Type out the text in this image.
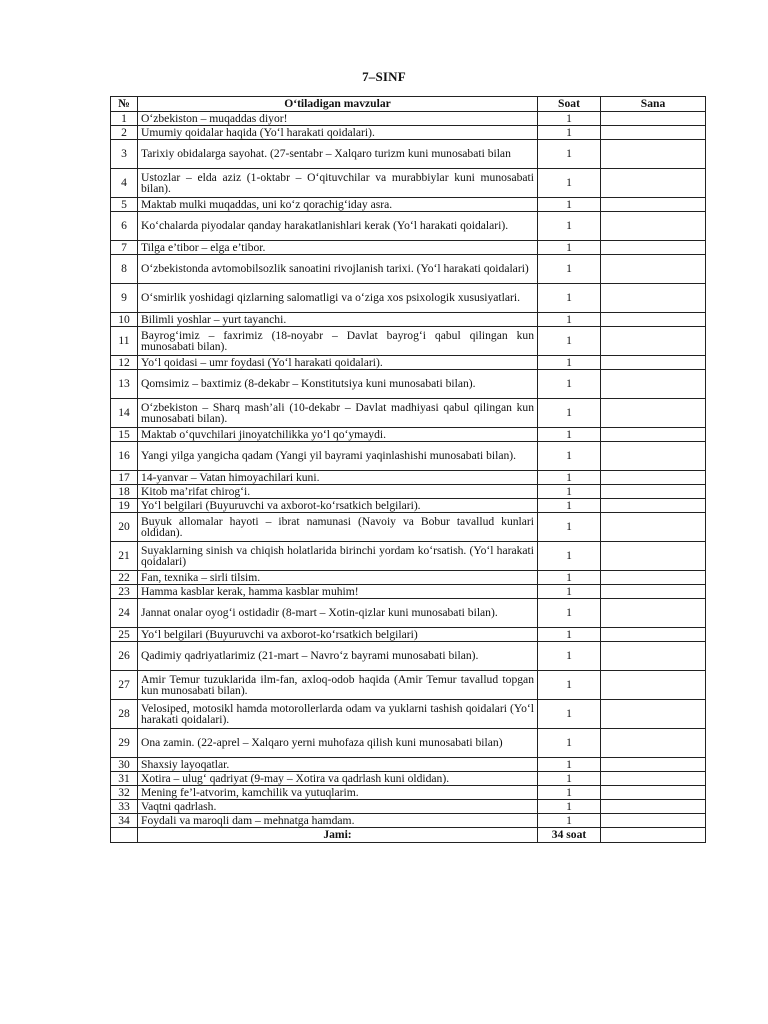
7–SINF
№	O‘tiladigan mavzular	Soat	Sana
1	O‘zbekiston – muqaddas diyor!	1	
2	Umumiy qoidalar haqida (Yo‘l harakati qoidalari).	1	
3	Tarixiy obidalarga sayohat. (27-sentabr – Xalqaro turizm kuni munosabati bilan	1	
4	Ustozlar – elda aziz (1-oktabr – O‘qituvchilar va murabbiylar kuni munosabati bilan).	1	
5	Maktab mulki muqaddas, uni ko‘z qorachig‘iday asra.	1	
6	Ko‘chalarda piyodalar qanday harakatlanishlari kerak (Yo‘l harakati qoidalari).	1	
7	Tilga e’tibor – elga e’tibor.	1	
8	O‘zbekistonda avtomobilsozlik sanoatini rivojlanish tarixi. (Yo‘l harakati qoidalari)	1	
9	O‘smirlik yoshidagi qizlarning salomatligi va o‘ziga xos psixologik xususiyatlari.	1	
10	Bilimli yoshlar – yurt tayanchi.	1	
11	Bayrog‘imiz – faxrimiz (18-noyabr – Davlat bayrog‘i qabul qilingan kun munosabati bilan).	1	
12	Yo‘l qoidasi – umr foydasi (Yo‘l harakati qoidalari).	1	
13	Qomsimiz – baxtimiz (8-dekabr – Konstitutsiya kuni munosabati bilan).	1	
14	O‘zbekiston – Sharq mash’ali (10-dekabr – Davlat madhiyasi qabul qilingan kun munosabati bilan).	1	
15	Maktab o‘quvchilari jinoyatchilikka yo‘l qo‘ymaydi.	1	
16	Yangi yilga yangicha qadam (Yangi yil bayrami yaqinlashishi munosabati bilan).	1	
17	14-yanvar – Vatan himoyachilari kuni.	1	
18	Kitob ma’rifat chirog‘i.	1	
19	Yo‘l belgilari (Buyuruvchi va axborot-ko‘rsatkich belgilari).	1	
20	Buyuk allomalar hayoti – ibrat namunasi (Navoiy va Bobur tavallud kunlari oldidan).	1	
21	Suyaklarning sinish va chiqish holatlarida birinchi yordam ko‘rsatish. (Yo‘l harakati qoidalari)	1	
22	Fan, texnika – sirli tilsim.	1	
23	Hamma kasblar kerak, hamma kasblar muhim!	1	
24	Jannat onalar oyog‘i ostidadir (8-mart – Xotin-qizlar kuni munosabati bilan).	1	
25	Yo‘l belgilari (Buyuruvchi va axborot-ko‘rsatkich belgilari)	1	
26	Qadimiy qadriyatlarimiz (21-mart – Navro‘z bayrami munosabati bilan).	1	
27	Amir Temur tuzuklarida ilm-fan, axloq-odob haqida (Amir Temur tavallud topgan kun munosabati bilan).	1	
28	Velosiped, motosikl hamda motorollerlarda odam va yuklarni tashish qoidalari (Yo‘l harakati qoidalari).	1	
29	Ona zamin. (22-aprel – Xalqaro yerni muhofaza qilish kuni munosabati bilan)	1	
30	Shaxsiy layoqatlar.	1	
31	Xotira – ulug‘ qadriyat (9-may – Xotira va qadrlash kuni oldidan).	1	
32	Mening fe’l-atvorim, kamchilik va yutuqlarim.	1	
33	Vaqtni qadrlash.	1	
34	Foydali va maroqli dam – mehnatga hamdam.	1	
	Jami:	34 soat	
